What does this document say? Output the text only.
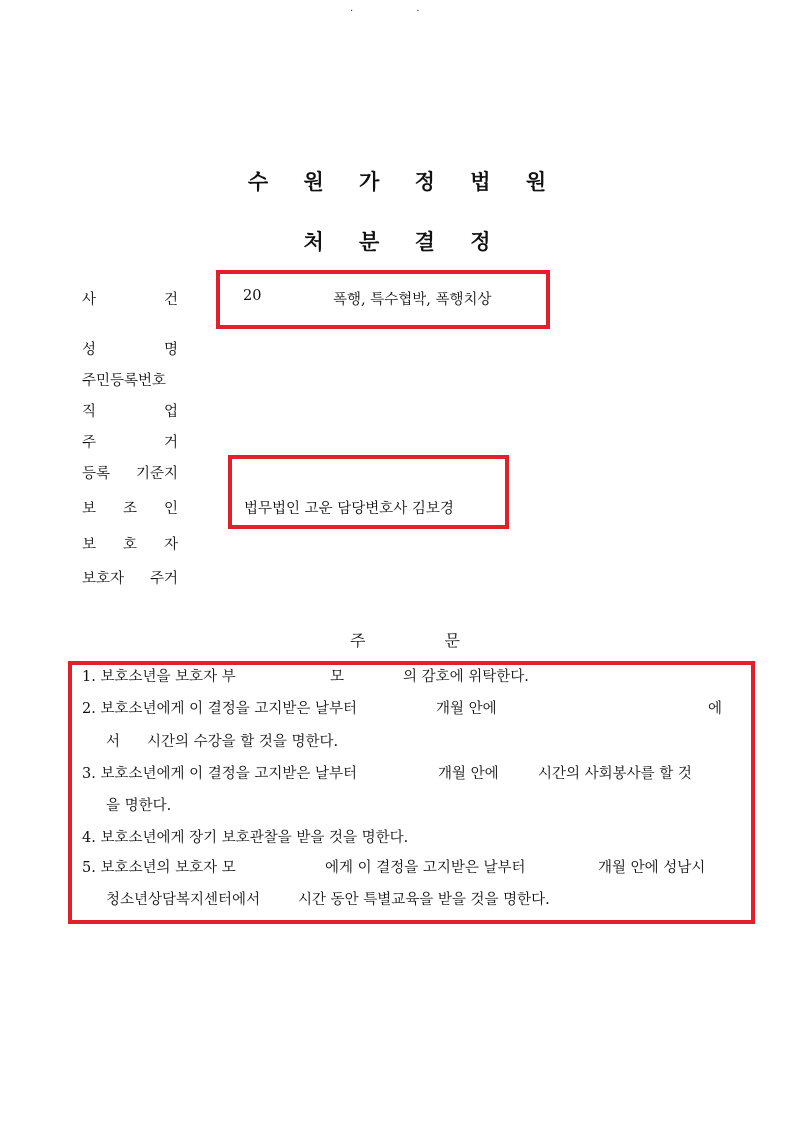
· ·
수 원 가 정 법 원
처 분 결 정
사	건	20	폭행, 특수협박, 폭행치상
성	명
주민등록번호
직	업
주	거
등록 기준지
보 조 인	법무법인 고운 담당변호사 김보경
보 호 자
보호자 주거
주	문
1. 보호소년을 보호자 부	모	의 감호에 위탁한다.
2. 보호소년에게 이 결정을 고지받은 날부터	개월 안에	에
서 시간의 수강을 할 것을 명한다.
3. 보호소년에게 이 결정을 고지받은 날부터	개월 안에	시간의 사회봉사를 할 것
을 명한다.
4. 보호소년에게 장기 보호관찰을 받을 것을 명한다.
5. 보호소년의 보호자 모	에게 이 결정을 고지받은 날부터	개월 안에 성남시
청소년상담복지센터에서	시간 동안 특별교육을 받을 것을 명한다.
